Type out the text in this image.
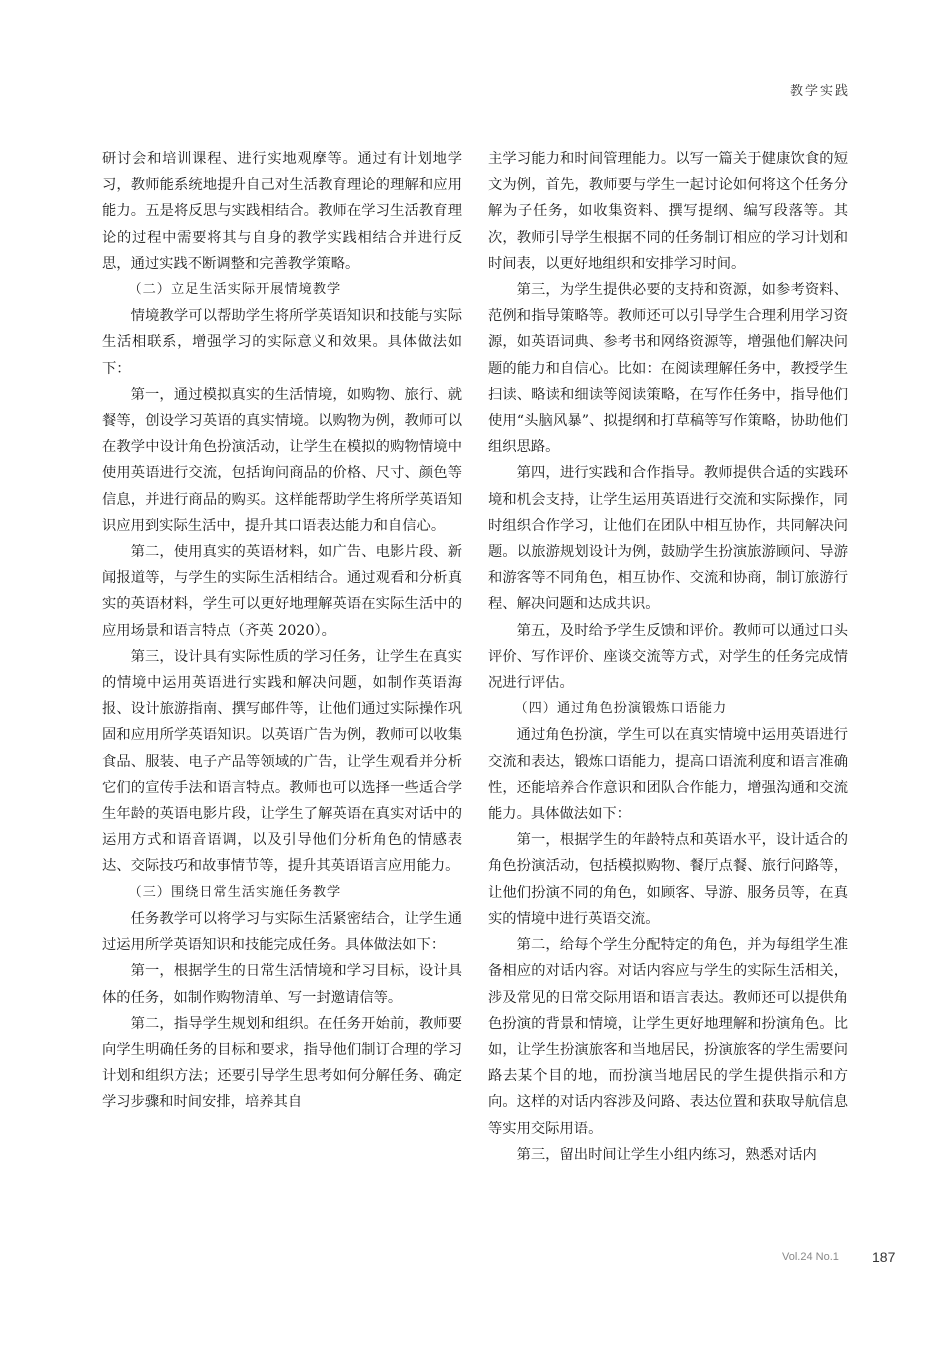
教学实践

研讨会和培训课程、进行实地观摩等。通过有计划地学习，教师能系统地提升自己对生活教育理论的理解和应用能力。五是将反思与实践相结合。教师在学习生活教育理论的过程中需要将其与自身的教学实践相结合并进行反思，通过实践不断调整和完善教学策略。

（二）立足生活实际开展情境教学

情境教学可以帮助学生将所学英语知识和技能与实际生活相联系，增强学习的实际意义和效果。具体做法如下：

第一，通过模拟真实的生活情境，如购物、旅行、就餐等，创设学习英语的真实情境。以购物为例，教师可以在教学中设计角色扮演活动，让学生在模拟的购物情境中使用英语进行交流，包括询问商品的价格、尺寸、颜色等信息，并进行商品的购买。这样能帮助学生将所学英语知识应用到实际生活中，提升其口语表达能力和自信心。

第二，使用真实的英语材料，如广告、电影片段、新闻报道等，与学生的实际生活相结合。通过观看和分析真实的英语材料，学生可以更好地理解英语在实际生活中的应用场景和语言特点（齐英 2020）。

第三，设计具有实际性质的学习任务，让学生在真实的情境中运用英语进行实践和解决问题，如制作英语海报、设计旅游指南、撰写邮件等，让他们通过实际操作巩固和应用所学英语知识。以英语广告为例，教师可以收集食品、服装、电子产品等领域的广告，让学生观看并分析它们的宣传手法和语言特点。教师也可以选择一些适合学生年龄的英语电影片段，让学生了解英语在真实对话中的运用方式和语音语调，以及引导他们分析角色的情感表达、交际技巧和故事情节等，提升其英语语言应用能力。

（三）围绕日常生活实施任务教学

任务教学可以将学习与实际生活紧密结合，让学生通过运用所学英语知识和技能完成任务。具体做法如下：

第一，根据学生的日常生活情境和学习目标，设计具体的任务，如制作购物清单、写一封邀请信等。

第二，指导学生规划和组织。在任务开始前，教师要向学生明确任务的目标和要求，指导他们制订合理的学习计划和组织方法；还要引导学生思考如何分解任务、确定学习步骤和时间安排，培养其自

主学习能力和时间管理能力。以写一篇关于健康饮食的短文为例，首先，教师要与学生一起讨论如何将这个任务分解为子任务，如收集资料、撰写提纲、编写段落等。其次，教师引导学生根据不同的任务制订相应的学习计划和时间表，以更好地组织和安排学习时间。

第三，为学生提供必要的支持和资源，如参考资料、范例和指导策略等。教师还可以引导学生合理利用学习资源，如英语词典、参考书和网络资源等，增强他们解决问题的能力和自信心。比如：在阅读理解任务中，教授学生扫读、略读和细读等阅读策略，在写作任务中，指导他们使用“头脑风暴”、拟提纲和打草稿等写作策略，协助他们组织思路。

第四，进行实践和合作指导。教师提供合适的实践环境和机会支持，让学生运用英语进行交流和实际操作，同时组织合作学习，让他们在团队中相互协作，共同解决问题。以旅游规划设计为例，鼓励学生扮演旅游顾问、导游和游客等不同角色，相互协作、交流和协商，制订旅游行程、解决问题和达成共识。

第五，及时给予学生反馈和评价。教师可以通过口头评价、写作评价、座谈交流等方式，对学生的任务完成情况进行评估。

（四）通过角色扮演锻炼口语能力

通过角色扮演，学生可以在真实情境中运用英语进行交流和表达，锻炼口语能力，提高口语流利度和语言准确性，还能培养合作意识和团队合作能力，增强沟通和交流能力。具体做法如下：

第一，根据学生的年龄特点和英语水平，设计适合的角色扮演活动，包括模拟购物、餐厅点餐、旅行问路等，让他们扮演不同的角色，如顾客、导游、服务员等，在真实的情境中进行英语交流。

第二，给每个学生分配特定的角色，并为每组学生准备相应的对话内容。对话内容应与学生的实际生活相关，涉及常见的日常交际用语和语言表达。教师还可以提供角色扮演的背景和情境，让学生更好地理解和扮演角色。比如，让学生扮演旅客和当地居民，扮演旅客的学生需要问路去某个目的地，而扮演当地居民的学生提供指示和方向。这样的对话内容涉及问路、表达位置和获取导航信息等实用交际用语。

第三，留出时间让学生小组内练习，熟悉对话内

Vol.24 No.1 187
